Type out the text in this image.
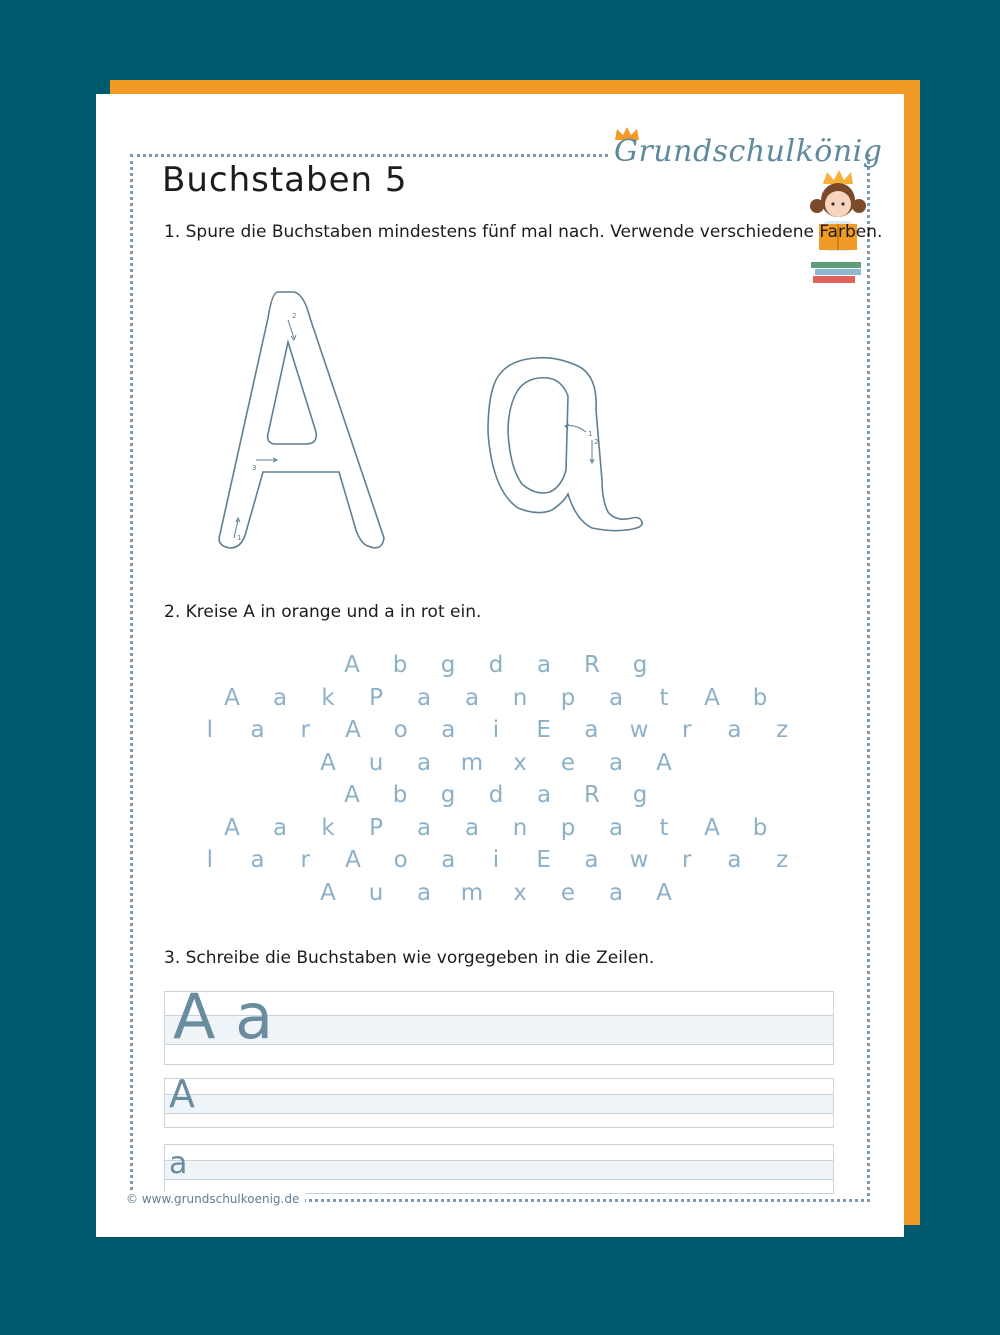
Grundschulkönig
Buchstaben 5
1. Spure die Buchstaben mindestens fünf mal nach. Verwende verschiedene Farben.
1
2
3
1
2
2. Kreise A in orange und a in rot ein.
A	b	g	d	a	R	g
A	a	k	P	a	a	n	p	a	t	A	b
l	a	r	A	o	a	i	E	a	w	r	a	z
A	u	a	m	x	e	a	A
A	b	g	d	a	R	g
A	a	k	P	a	a	n	p	a	t	A	b
l	a	r	A	o	a	i	E	a	w	r	a	z
A	u	a	m	x	e	a	A
3. Schreibe die Buchstaben wie vorgegeben in die Zeilen.
A a
A
a
© www.grundschulkoenig.de
